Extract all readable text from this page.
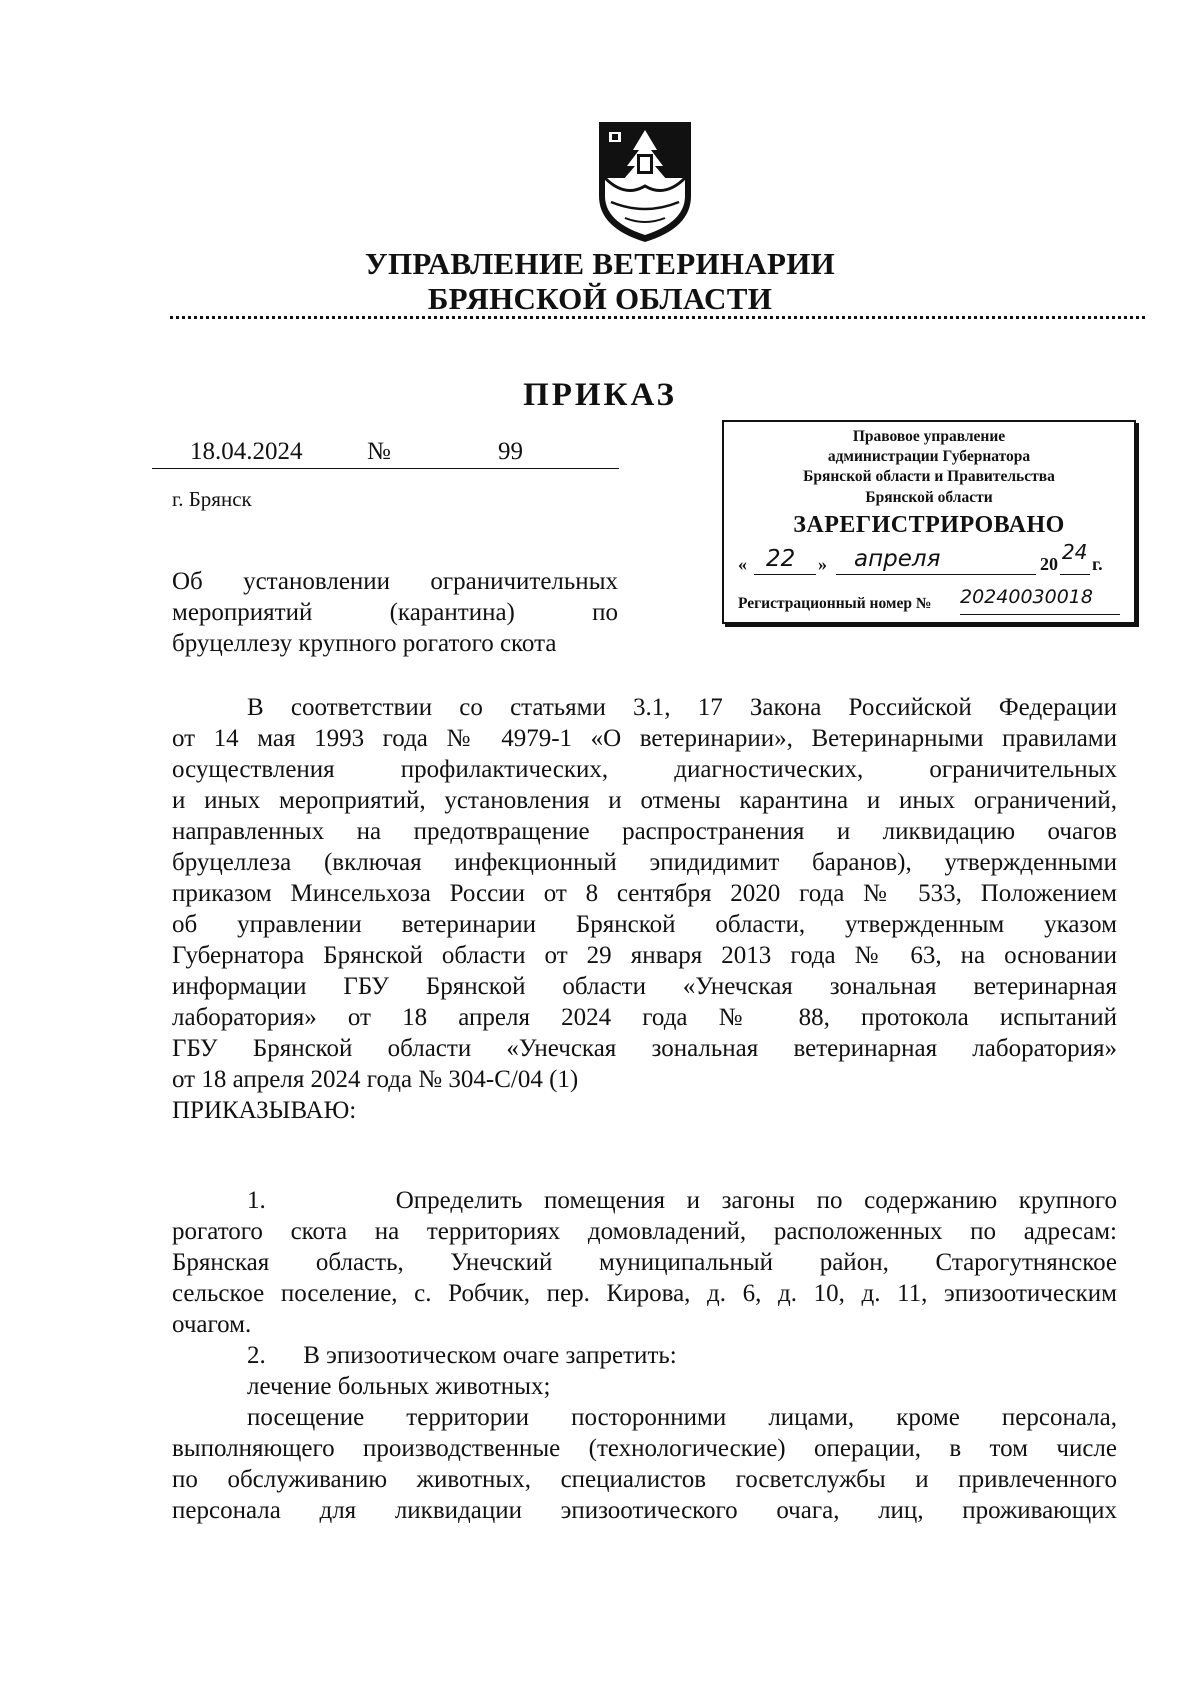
УПРАВЛЕНИЕ ВЕТЕРИНАРИИ
БРЯНСКОЙ ОБЛАСТИ
ПРИКАЗ
18.04.2024	№	99
г. Брянск
Об установлении ограничительных
мероприятий (карантина) по
бруцеллезу крупного рогатого скота
Правовое управление
администрации Губернатора
Брянской области и Правительства
Брянской области
ЗАРЕГИСТРИРОВАНО
« 22 » апреля	20 24 г.
Регистрационный номер № 20240030018
В соответствии со статьями 3.1, 17 Закона Российской Федерации
от 14 мая 1993 года № 4979-1 «О ветеринарии», Ветеринарными правилами
осуществления профилактических, диагностических, ограничительных
и иных мероприятий, установления и отмены карантина и иных ограничений,
направленных на предотвращение распространения и ликвидацию очагов
бруцеллеза (включая инфекционный эпидидимит баранов), утвержденными
приказом Минсельхоза России от 8 сентября 2020 года № 533, Положением
об управлении ветеринарии Брянской области, утвержденным указом
Губернатора Брянской области от 29 января 2013 года № 63, на основании
информации ГБУ Брянской области «Унечская зональная ветеринарная
лаборатория» от 18 апреля 2024 года № 88, протокола испытаний
ГБУ Брянской области «Унечская зональная ветеринарная лаборатория»
от 18 апреля 2024 года № 304-С/04 (1)
ПРИКАЗЫВАЮ:
1.      Определить помещения и загоны по содержанию крупного
рогатого скота на территориях домовладений, расположенных по адресам:
Брянская область, Унечский муниципальный район, Старогутнянское
сельское поселение, с. Робчик, пер. Кирова, д. 6, д. 10, д. 11, эпизоотическим
очагом.
2.      В эпизоотическом очаге запретить:
лечение больных животных;
посещение территории посторонними лицами, кроме персонала,
выполняющего производственные (технологические) операции, в том числе
по обслуживанию животных, специалистов госветслужбы и привлеченного
персонала для ликвидации эпизоотического очага, лиц, проживающих
